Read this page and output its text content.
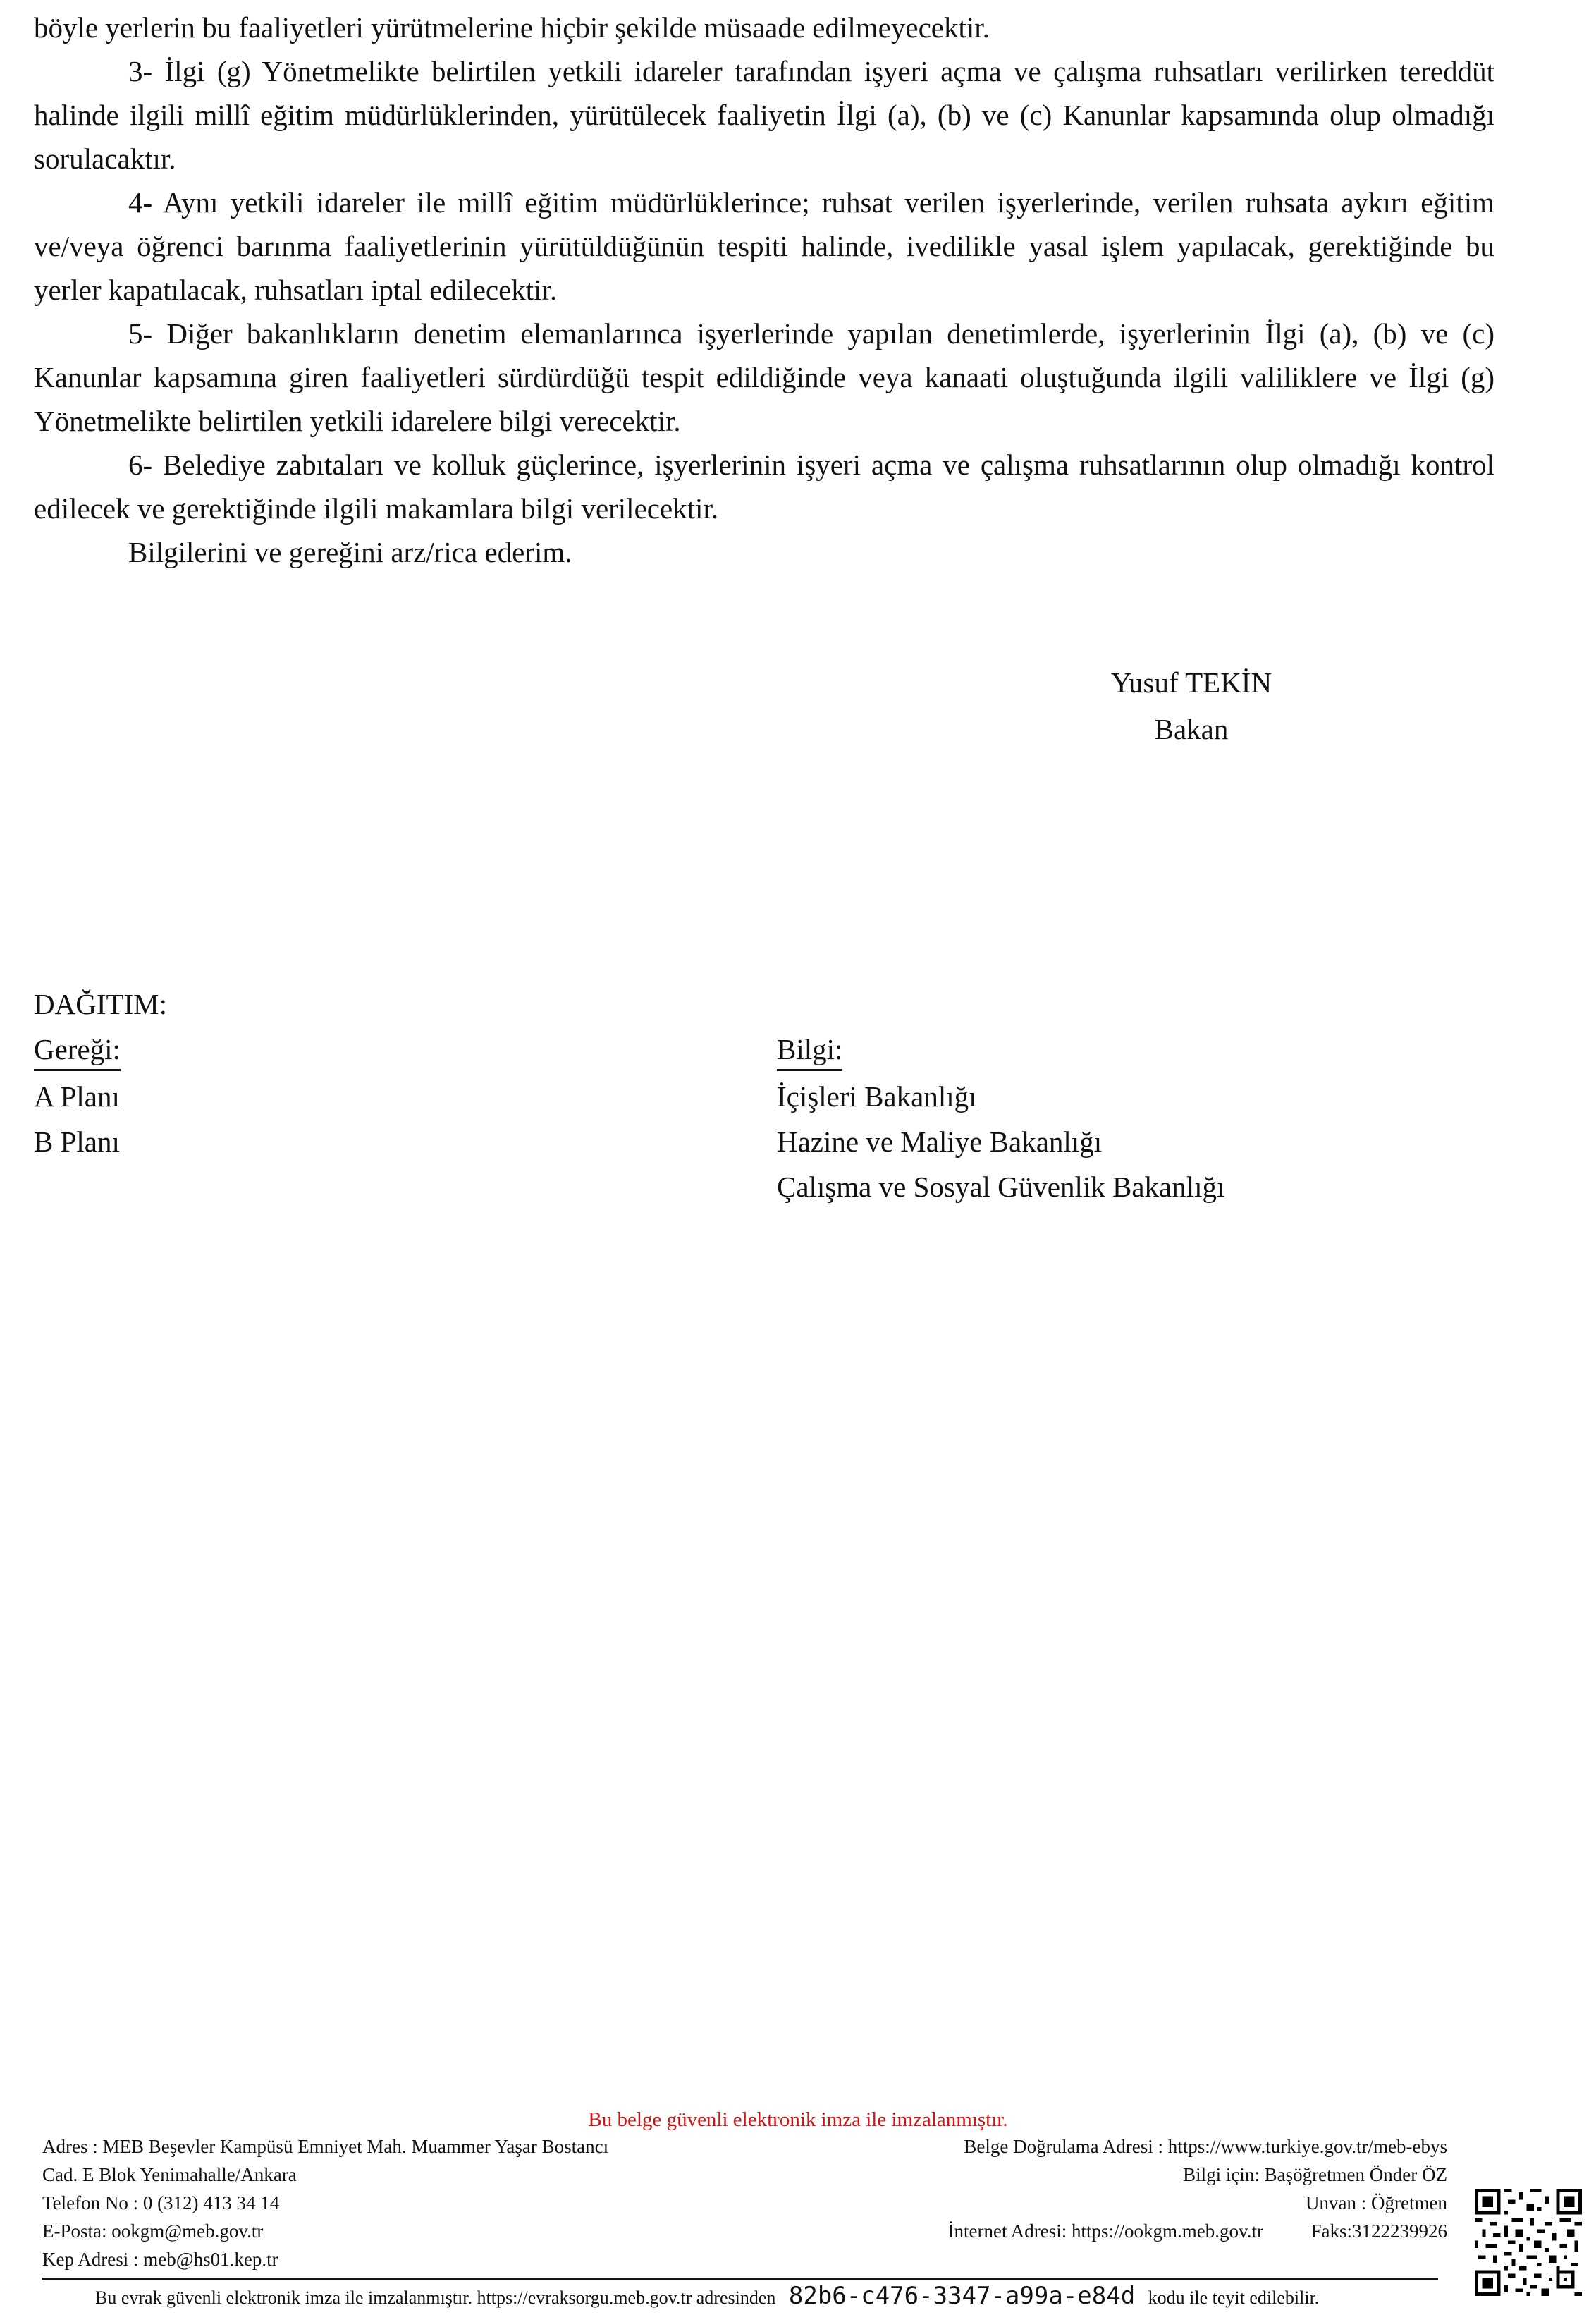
böyle yerlerin bu faaliyetleri yürütmelerine hiçbir şekilde müsaade edilmeyecektir.

3- İlgi (g) Yönetmelikte belirtilen yetkili idareler tarafından işyeri açma ve çalışma ruhsatları verilirken tereddüt halinde ilgili millî eğitim müdürlüklerinden, yürütülecek faaliyetin İlgi (a), (b) ve (c) Kanunlar kapsamında olup olmadığı sorulacaktır.

4- Aynı yetkili idareler ile millî eğitim müdürlüklerince; ruhsat verilen işyerlerinde, verilen ruhsata aykırı eğitim ve/veya öğrenci barınma faaliyetlerinin yürütüldüğünün tespiti halinde, ivedilikle yasal işlem yapılacak, gerektiğinde bu yerler kapatılacak, ruhsatları iptal edilecektir.

5- Diğer bakanlıkların denetim elemanlarınca işyerlerinde yapılan denetimlerde, işyerlerinin İlgi (a), (b) ve (c) Kanunlar kapsamına giren faaliyetleri sürdürdüğü tespit edildiğinde veya kanaati oluştuğunda ilgili valiliklere ve İlgi (g) Yönetmelikte belirtilen yetkili idarelere bilgi verecektir.

6- Belediye zabıtaları ve kolluk güçlerince, işyerlerinin işyeri açma ve çalışma ruhsatlarının olup olmadığı kontrol edilecek ve gerektiğinde ilgili makamlara bilgi verilecektir.

Bilgilerini ve gereğini arz/rica ederim.

Yusuf TEKİN
Bakan

DAĞITIM:

Gereği:

A Planı

B Planı

Bilgi:

İçişleri Bakanlığı

Hazine ve Maliye Bakanlığı

Çalışma ve Sosyal Güvenlik Bakanlığı

Bu belge güvenli elektronik imza ile imzalanmıştır.
Adres : MEB Beşevler Kampüsü Emniyet Mah. Muammer Yaşar Bostancı
Cad. E Blok Yenimahalle/Ankara
Telefon No : 0 (312) 413 34 14
E-Posta: ookgm@meb.gov.tr
Kep Adresi : meb@hs01.kep.tr
Belge Doğrulama Adresi : https://www.turkiye.gov.tr/meb-ebys
Bilgi için: Başöğretmen Önder ÖZ
Unvan : Öğretmen
İnternet Adresi: https://ookgm.meb.gov.tr          Faks:3122239926
Bu evrak güvenli elektronik imza ile imzalanmıştır. https://evraksorgu.meb.gov.tr adresinden 82b6-c476-3347-a99a-e84d kodu ile teyit edilebilir.
